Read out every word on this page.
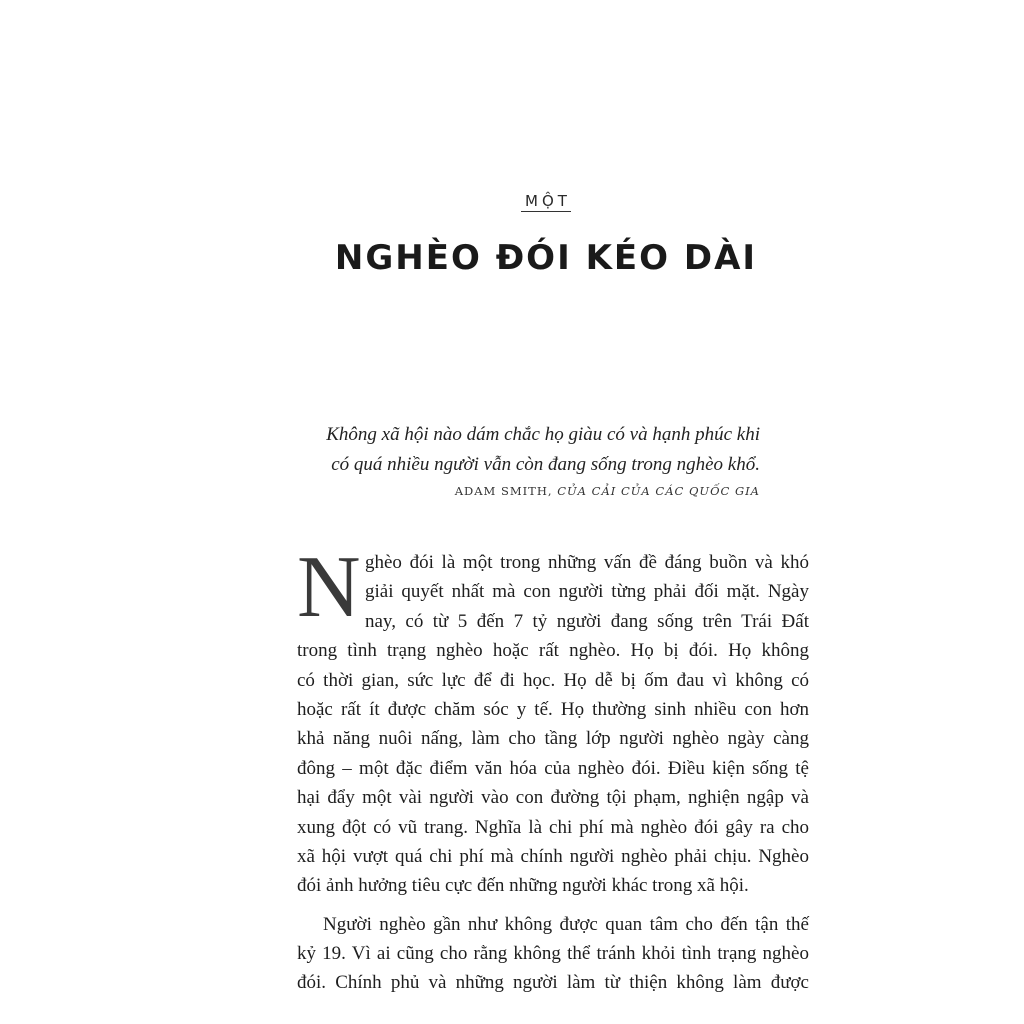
MỘT
NGHÈO ĐÓI KÉO DÀI
Không xã hội nào dám chắc họ giàu có và hạnh phúc khi
có quá nhiều người vẫn còn đang sống trong nghèo khổ.
ADAM SMITH, CỦA CẢI CỦA CÁC QUỐC GIA
N ghèo đói là một trong những vấn đề đáng buồn và khó
giải quyết nhất mà con người từng phải đối mặt. Ngày
nay, có từ 5 đến 7 tỷ người đang sống trên Trái Đất
trong tình trạng nghèo hoặc rất nghèo. Họ bị đói. Họ không
có thời gian, sức lực để đi học. Họ dễ bị ốm đau vì không có
hoặc rất ít được chăm sóc y tế. Họ thường sinh nhiều con hơn
khả năng nuôi nấng, làm cho tầng lớp người nghèo ngày càng
đông – một đặc điểm văn hóa của nghèo đói. Điều kiện sống tệ
hại đẩy một vài người vào con đường tội phạm, nghiện ngập và
xung đột có vũ trang. Nghĩa là chi phí mà nghèo đói gây ra cho
xã hội vượt quá chi phí mà chính người nghèo phải chịu. Nghèo
đói ảnh hưởng tiêu cực đến những người khác trong xã hội.

Người nghèo gần như không được quan tâm cho đến tận thế
kỷ 19. Vì ai cũng cho rằng không thể tránh khỏi tình trạng nghèo
đói. Chính phủ và những người làm từ thiện không làm được
